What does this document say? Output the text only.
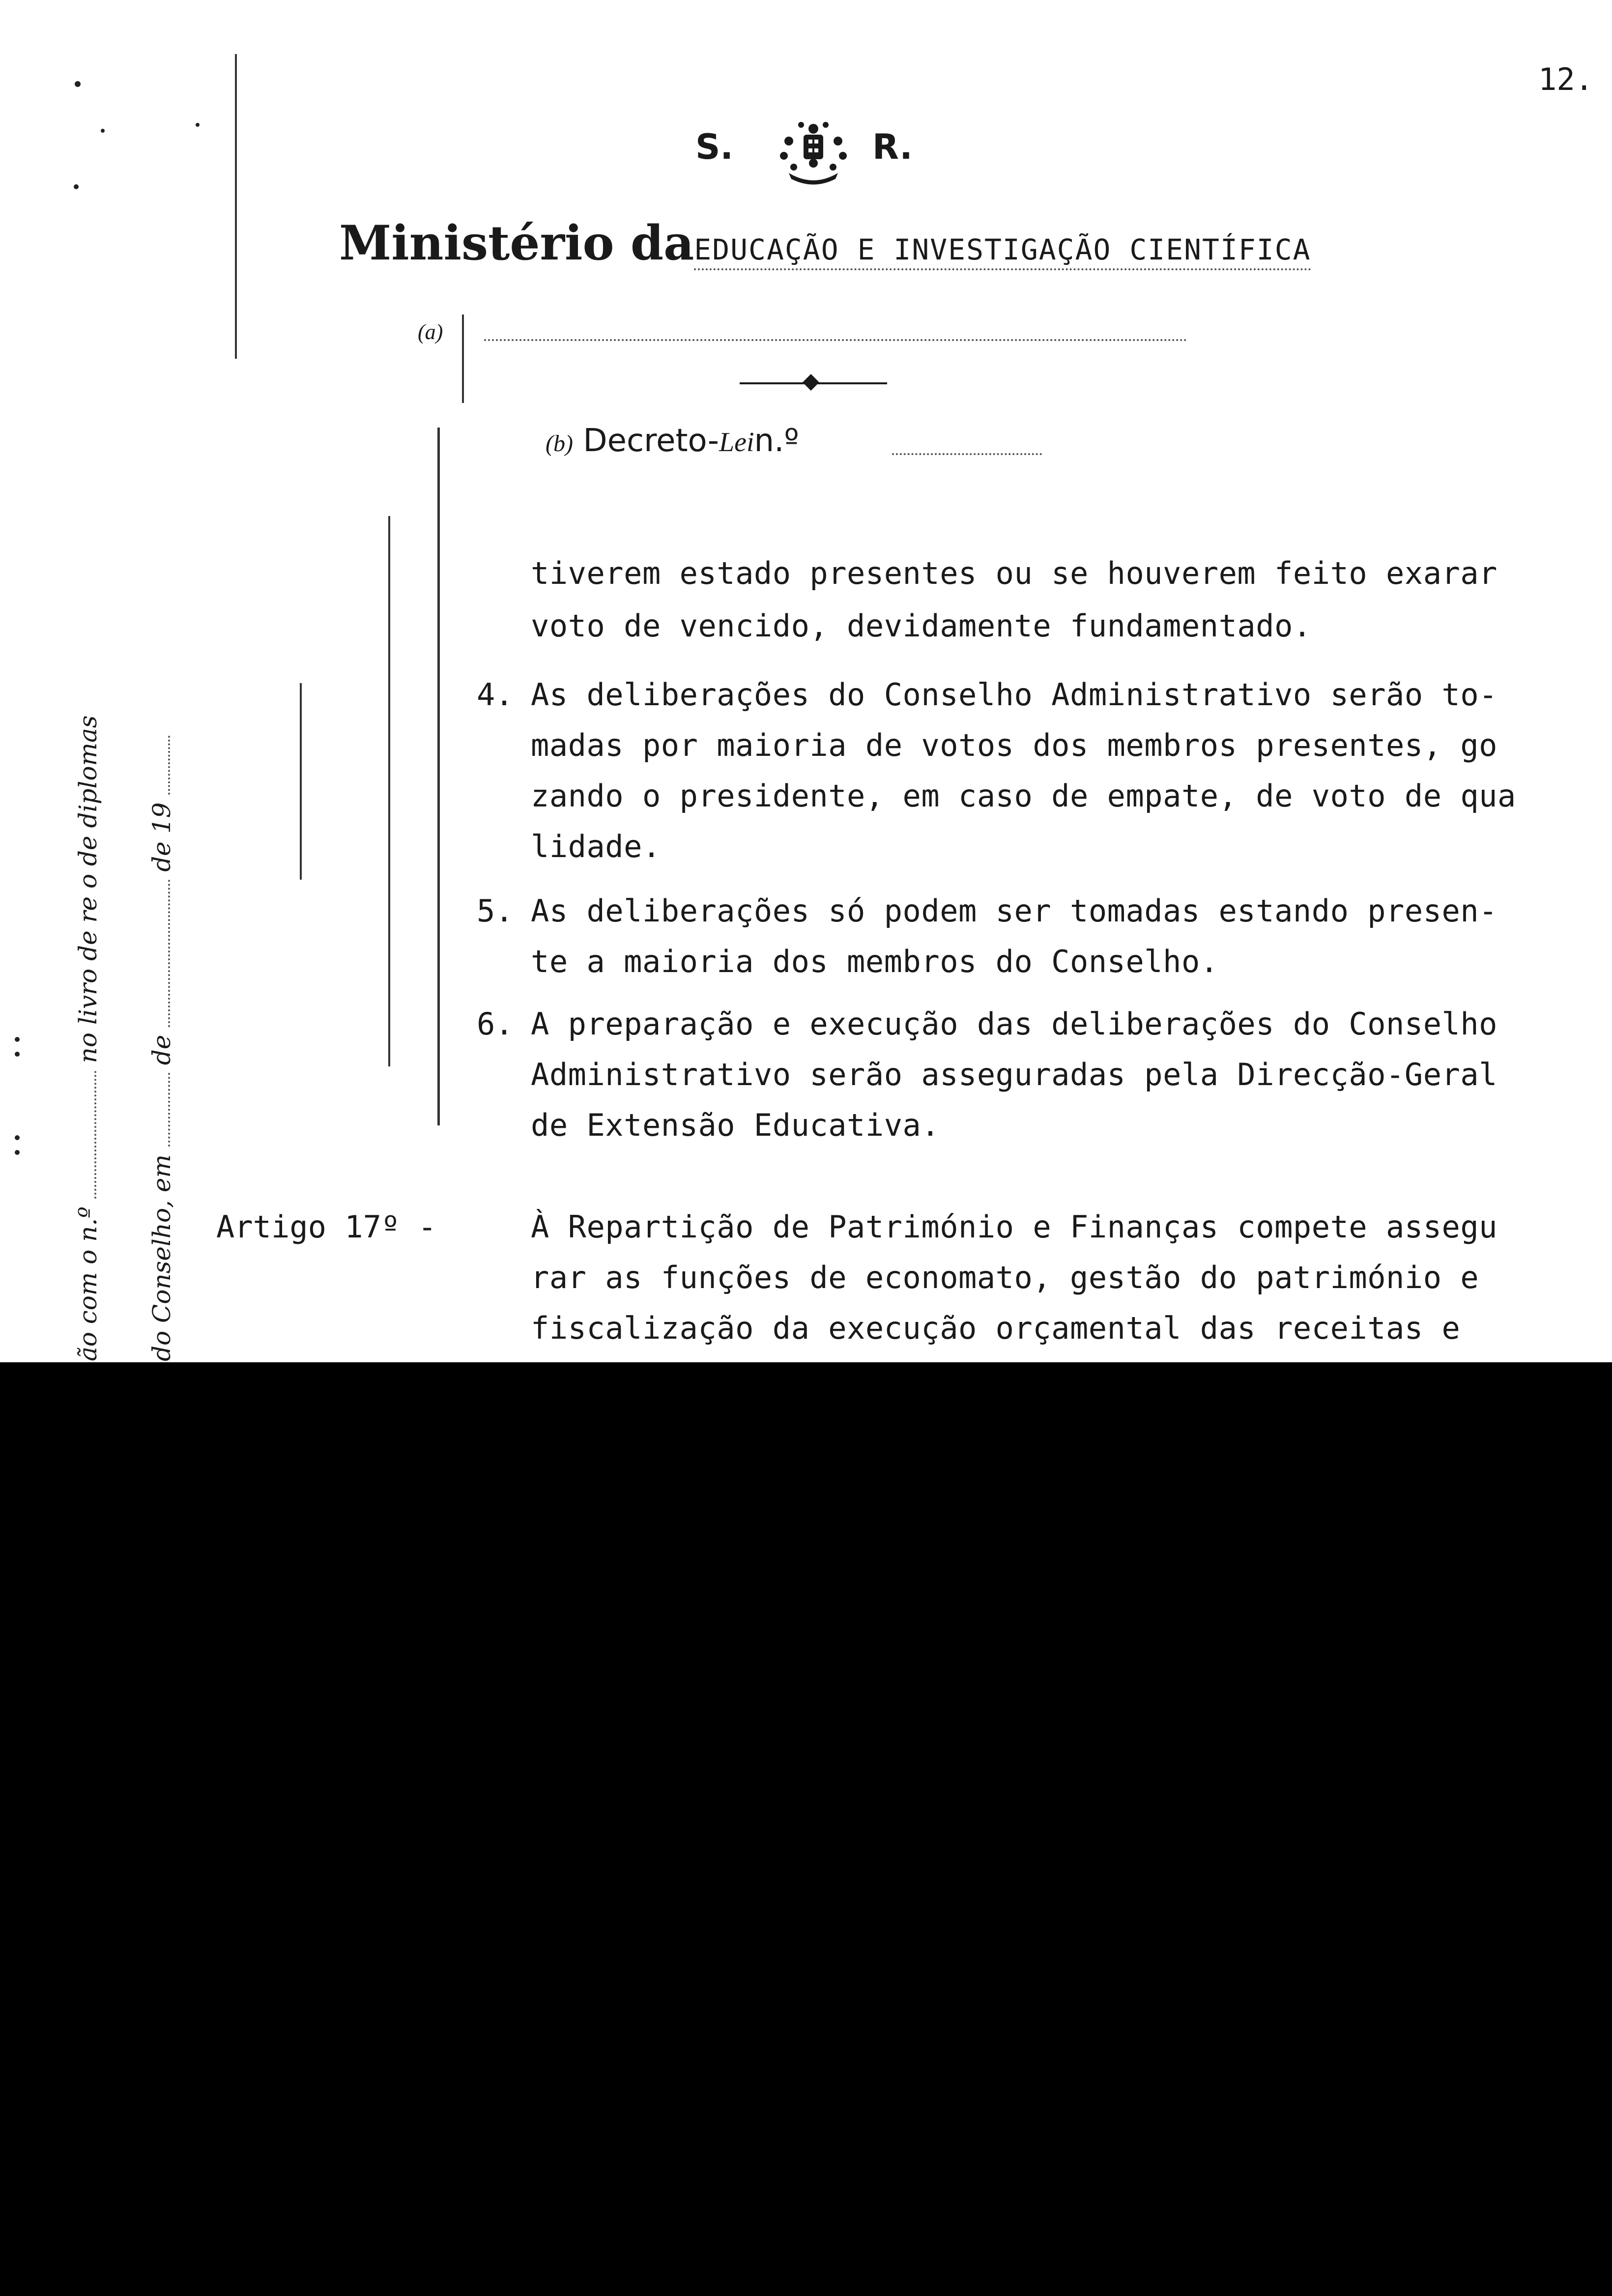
12.
S.	R.
Ministério daEDUCAÇÃO E INVESTIGAÇÃO CIENTÍFICA
(a)
(b) Decreto-Lein.º
ão com o n.º  no livro de re o de diplomas
do Conselho, em  de  de 19
tiverem estado presentes ou se houverem feito exarar
voto de vencido, devidamente fundamentado.
4. As deliberações do Conselho Administrativo serão to-
madas por maioria de votos dos membros presentes, go
zando o presidente, em caso de empate, de voto de qua
lidade.
5. As deliberações só podem ser tomadas estando presen-
te a maioria dos membros do Conselho.
6. A preparação e execução das deliberações do Conselho
Administrativo serão asseguradas pela Direcção-Geral
de Extensão Educativa.
Artigo 17º -	À Repartição de Património e Finanças compete assegu
rar as funções de economato, gestão do património e
fiscalização da execução orçamental das receitas e
